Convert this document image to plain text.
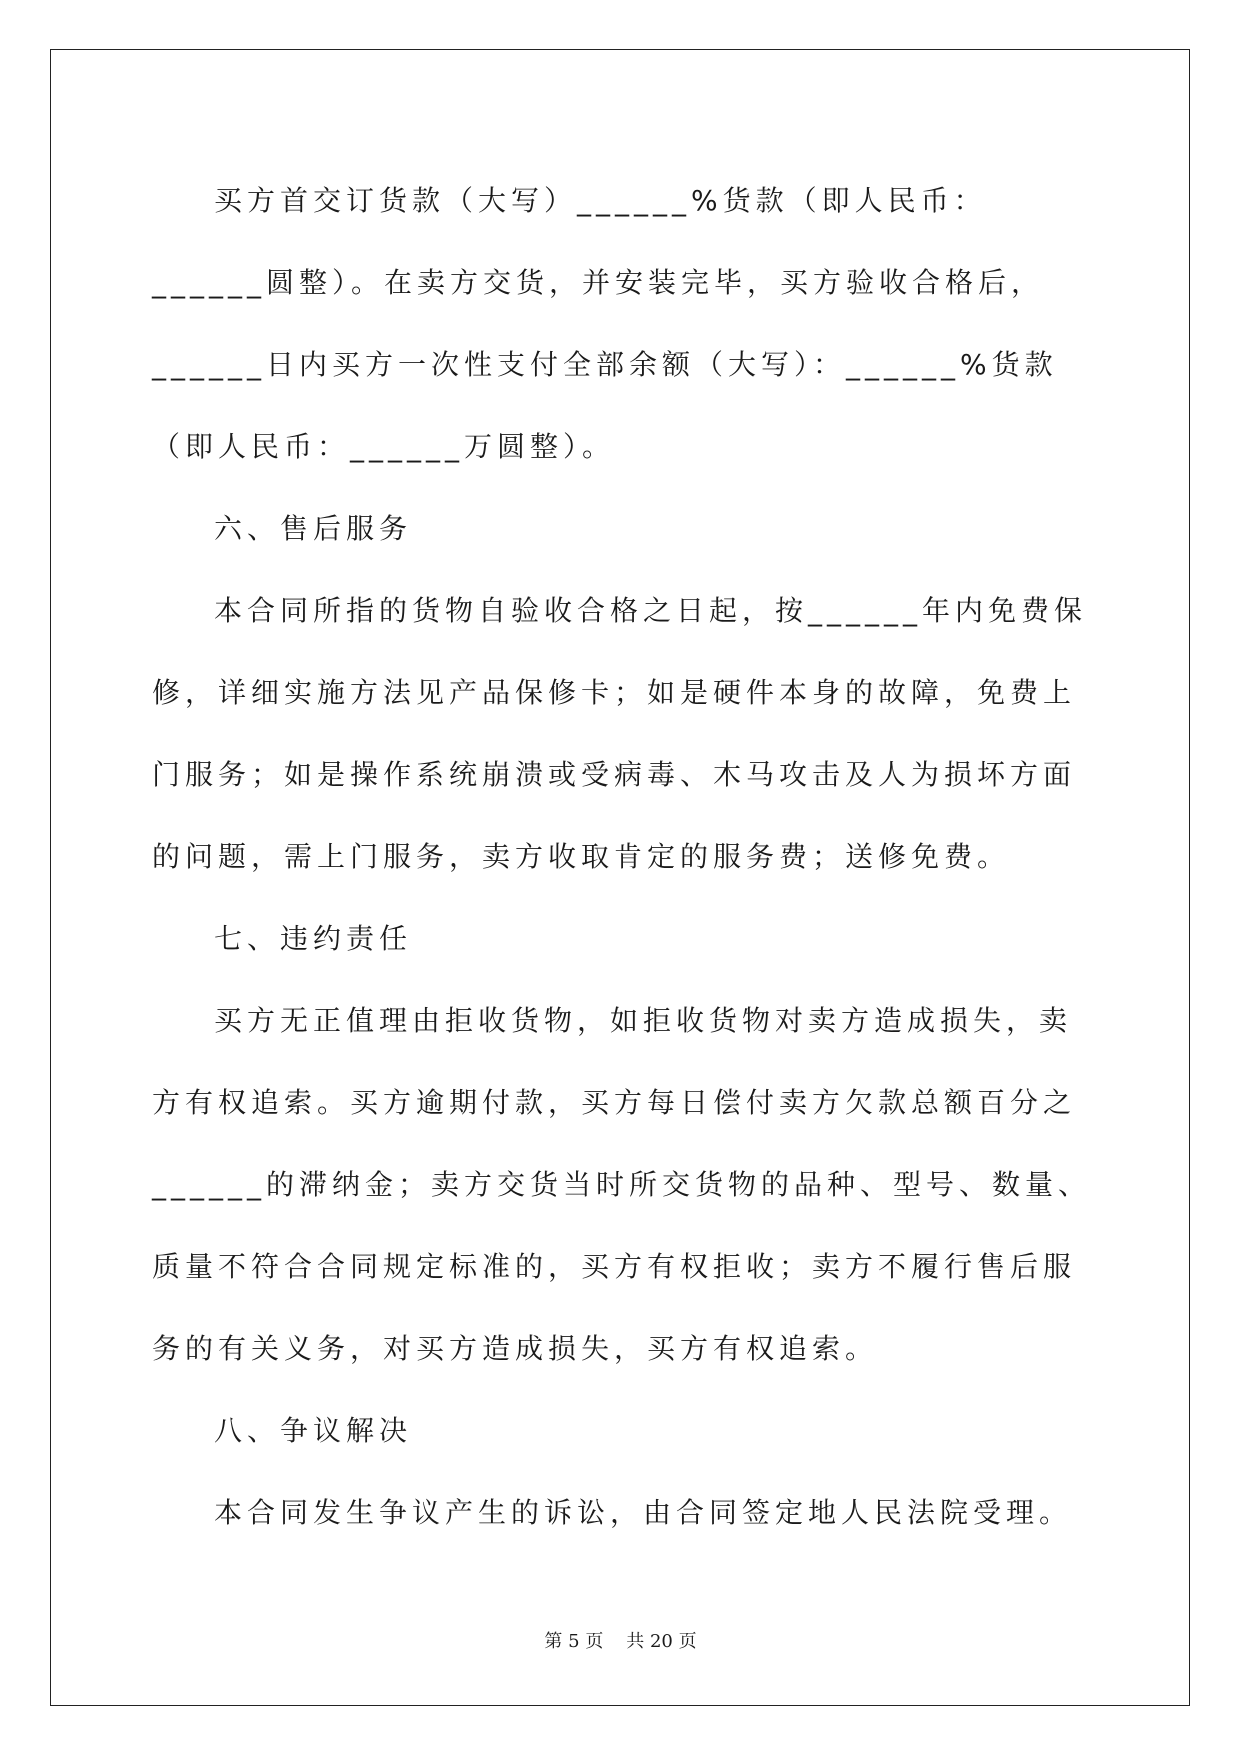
买方首交订货款（大写）______%货款（即人民币：______圆整）。在卖方交货，并安装完毕，买方验收合格后，______日内买方一次性支付全部余额（大写）：______%货款（即人民币：______万圆整）。

六、售后服务

本合同所指的货物自验收合格之日起，按______年内免费保修，详细实施方法见产品保修卡；如是硬件本身的故障，免费上门服务；如是操作系统崩溃或受病毒、木马攻击及人为损坏方面的问题，需上门服务，卖方收取肯定的服务费；送修免费。

七、违约责任

买方无正值理由拒收货物，如拒收货物对卖方造成损失，卖方有权追索。买方逾期付款，买方每日偿付卖方欠款总额百分之______的滞纳金；卖方交货当时所交货物的品种、型号、数量、质量不符合合同规定标准的，买方有权拒收；卖方不履行售后服务的有关义务，对买方造成损失，买方有权追索。

八、争议解决

本合同发生争议产生的诉讼，由合同签定地人民法院受理。

第 5 页 共 20 页
